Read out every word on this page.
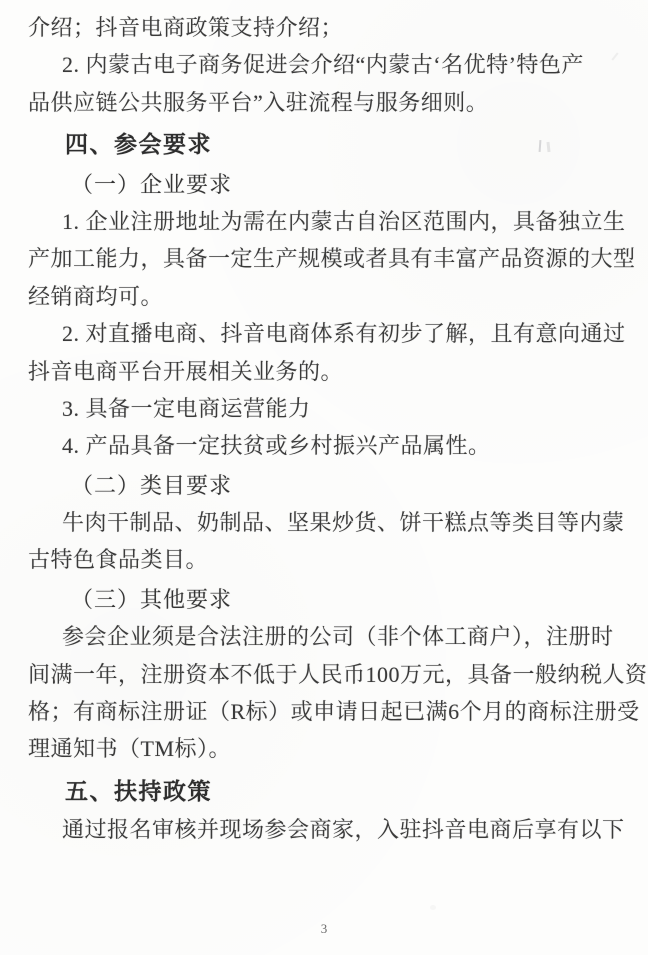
介绍；抖音电商政策支持介绍；
2. 内蒙古电子商务促进会介绍“内蒙古‘名优特’特色产
品供应链公共服务平台”入驻流程与服务细则。
四、参会要求
（一）企业要求
1. 企业注册地址为需在内蒙古自治区范围内，具备独立生
产加工能力，具备一定生产规模或者具有丰富产品资源的大型
经销商均可。
2. 对直播电商、抖音电商体系有初步了解，且有意向通过
抖音电商平台开展相关业务的。
3. 具备一定电商运营能力
4. 产品具备一定扶贫或乡村振兴产品属性。
（二）类目要求
牛肉干制品、奶制品、坚果炒货、饼干糕点等类目等内蒙
古特色食品类目。
（三）其他要求
参会企业须是合法注册的公司（非个体工商户），注册时
间满一年，注册资本不低于人民币100万元，具备一般纳税人资
格；有商标注册证（R标）或申请日起已满6个月的商标注册受
理通知书（TM标）。
五、扶持政策
通过报名审核并现场参会商家，入驻抖音电商后享有以下
3
